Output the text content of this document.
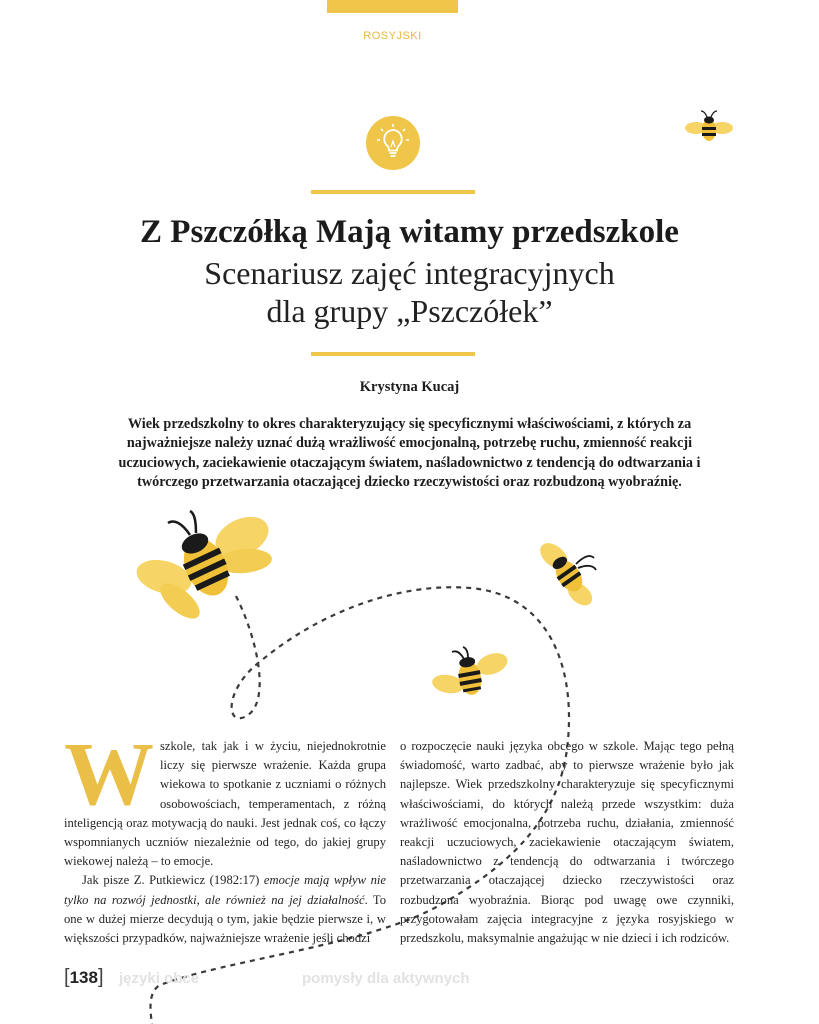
ROSYJSKI
Z Pszczółką Mają witamy przedszkole
Scenariusz zajęć integracyjnych
dla grupy „Pszczółek”
Krystyna Kucaj

Wiek przedszkolny to okres charakteryzujący się specyficznymi właściwościami, z których za najważniejsze należy uznać dużą wrażliwość emocjonalną, potrzebę ruchu, zmienność reakcji uczuciowych, zaciekawienie otaczającym światem, naśladownictwo z tendencją do odtwarzania i twórczego przetwarzania otaczającej dziecko rzeczywistości oraz rozbudzoną wyobraźnię.

Wszkole, tak jak i w życiu, niejednokrotnie liczy się pierwsze wrażenie. Każda grupa wiekowa to spotkanie z uczniami o różnych osobowościach, temperamentach, z różną inteligencją oraz motywacją do nauki. Jest jednak coś, co łączy wspomnianych uczniów niezależnie od tego, do jakiej grupy wiekowej należą – to emocje.

Jak pisze Z. Putkiewicz (1982:17) emocje mają wpływ nie tylko na rozwój jednostki, ale również na jej działalność. To one w dużej mierze decydują o tym, jakie będzie pierwsze i, w większości przypadków, najważniejsze wrażenie jeśli chodzi

o rozpoczęcie nauki języka obcego w szkole. Mając tego pełną świadomość, warto zadbać, aby to pierwsze wrażenie było jak najlepsze. Wiek przedszkolny charakteryzuje się specyficznymi właściwościami, do których należą przede wszystkim: duża wrażliwość emocjonalna, potrzeba ruchu, działania, zmienność reakcji uczuciowych, zaciekawienie otaczającym światem, naśladownictwo z tendencją do odtwarzania i twórczego przetwarzania otaczającej dziecko rzeczywistości oraz rozbudzona wyobraźnia. Biorąc pod uwagę owe czynniki, przygotowałam zajęcia integracyjne z języka rosyjskiego w przedszkolu, maksymalnie angażując w nie dzieci i ich rodziców.

[138] języki obce	pomysły dla aktywnych
